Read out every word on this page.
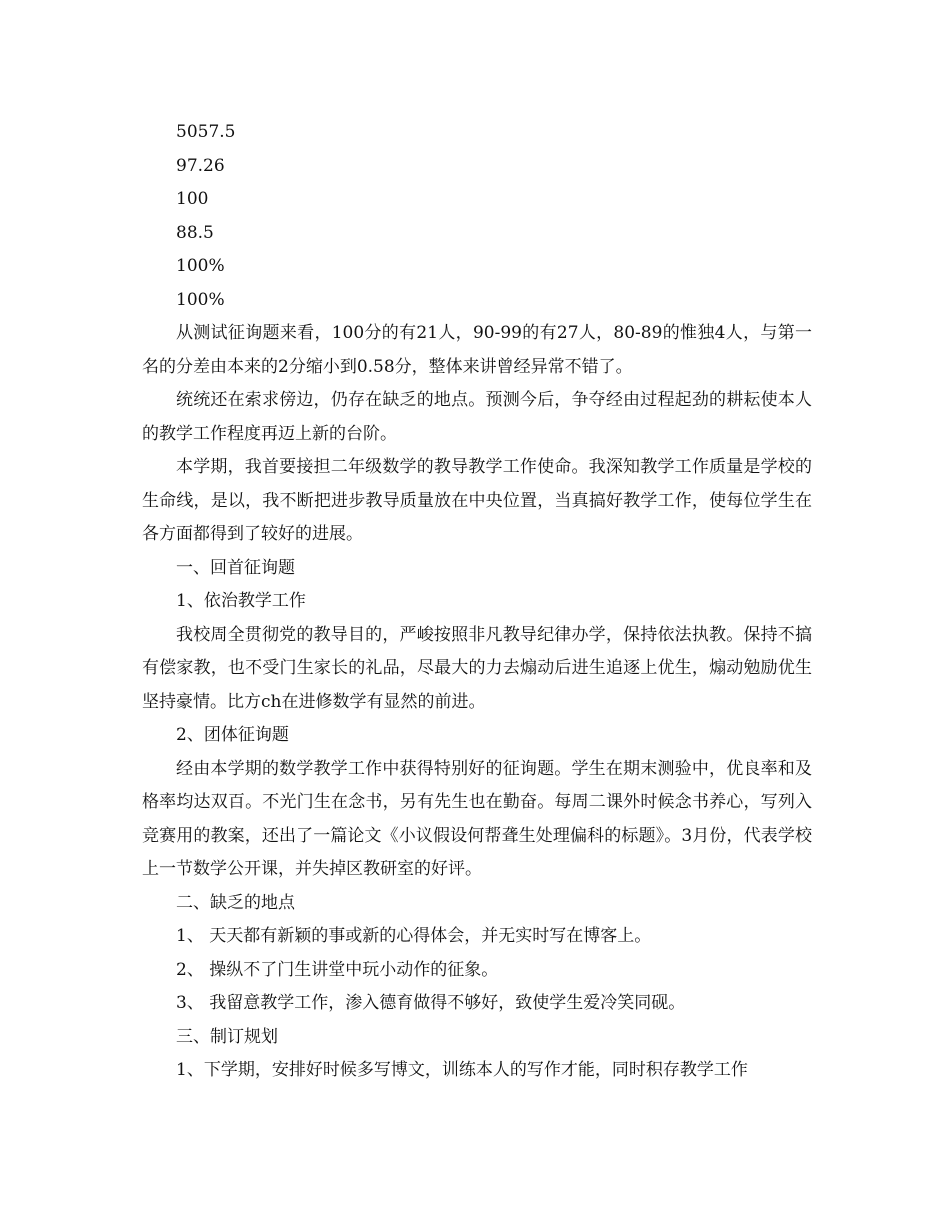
5057.5

97.26

100

88.5

100%

100%

从测试征询题来看，100分的有21人，90-99的有27人，80-89的惟独4人，与第一名的分差由本来的2分缩小到0.58分，整体来讲曾经异常不错了。

统统还在索求傍边，仍存在缺乏的地点。预测今后，争夺经由过程起劲的耕耘使本人的教学工作程度再迈上新的台阶。

本学期，我首要接担二年级数学的教导教学工作使命。我深知教学工作质量是学校的生命线，是以，我不断把进步教导质量放在中央位置，当真搞好教学工作，使每位学生在各方面都得到了较好的进展。

一、回首征询题

1、依治教学工作

我校周全贯彻党的教导目的，严峻按照非凡教导纪律办学，保持依法执教。保持不搞有偿家教，也不受门生家长的礼品，尽最大的力去煽动后进生追逐上优生，煽动勉励优生坚持豪情。比方ch在进修数学有显然的前进。

2、团体征询题

经由本学期的数学教学工作中获得特别好的征询题。学生在期末测验中，优良率和及格率均达双百。不光门生在念书，另有先生也在勤奋。每周二课外时候念书养心，写列入竞赛用的教案，还出了一篇论文《小议假设何帮聋生处理偏科的标题》。3月份，代表学校上一节数学公开课，并失掉区教研室的好评。

二、缺乏的地点

1、 天天都有新颖的事或新的心得体会，并无实时写在博客上。

2、 操纵不了门生讲堂中玩小动作的征象。

3、 我留意教学工作，渗入德育做得不够好，致使学生爱冷笑同砚。

三、制订规划

1、下学期，安排好时候多写博文，训练本人的写作才能，同时积存教学工作
